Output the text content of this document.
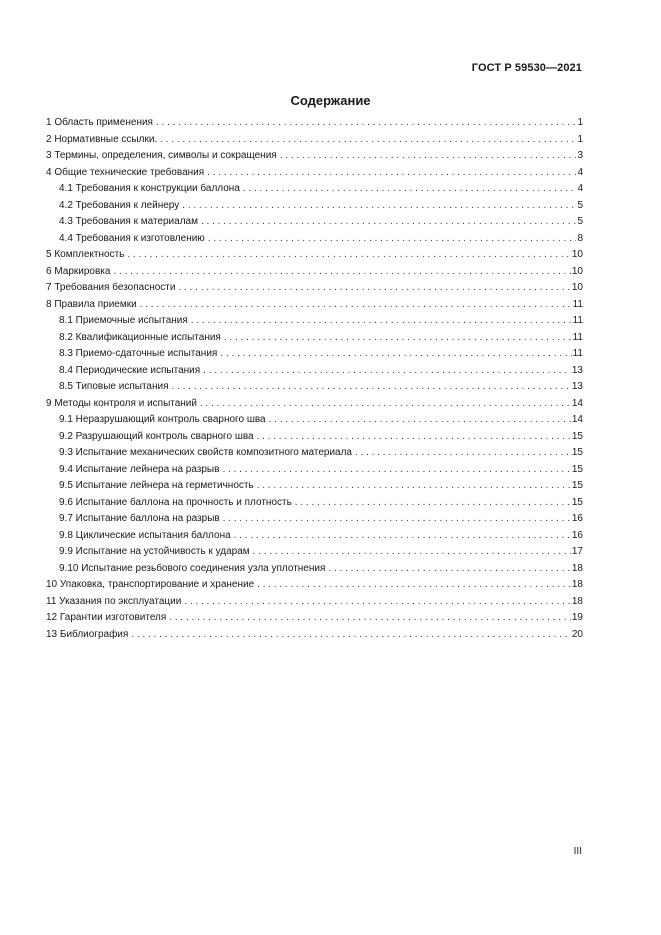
ГОСТ Р 59530—2021
Содержание
1 Область применения . . .	1
2 Нормативные ссылки. . . .	1
3 Термины, определения, символы и сокращения . . .	3
4 Общие технические требования . . .	4
4.1 Требования к конструкции баллона . . .	4
4.2 Требования к лейнеру . . .	5
4.3 Требования к материалам . . .	5
4.4 Требования к изготовлению . . .	8
5 Комплектность . . .	10
6 Маркировка . . .	10
7 Требования безопасности . . .	10
8 Правила приемки . . .	11
8.1 Приемочные испытания . . .	11
8.2 Квалификационные испытания . . .	11
8.3 Приемо-сдаточные испытания . . .	11
8.4 Периодические испытания . . .	13
8.5 Типовые испытания . . .	13
9 Методы контроля и испытаний . . .	14
9.1 Неразрушающий контроль сварного шва . . .	14
9.2 Разрушающий контроль сварного шва . . .	15
9.3 Испытание механических свойств композитного материала . . .	15
9.4 Испытание лейнера на разрыв . . .	15
9.5 Испытание лейнера на герметичность . . .	15
9.6 Испытание баллона на прочность и плотность . . .	15
9.7 Испытание баллона на разрыв . . .	16
9.8 Циклические испытания баллона . . .	16
9.9 Испытание на устойчивость к ударам . . .	17
9.10 Испытание резьбового соединения узла уплотнения . . .	18
10 Упаковка, транспортирование и хранение . . .	18
11 Указания по эксплуатации . . .	18
12 Гарантии изготовителя . . .	19
13 Библиография . . .	20
III
